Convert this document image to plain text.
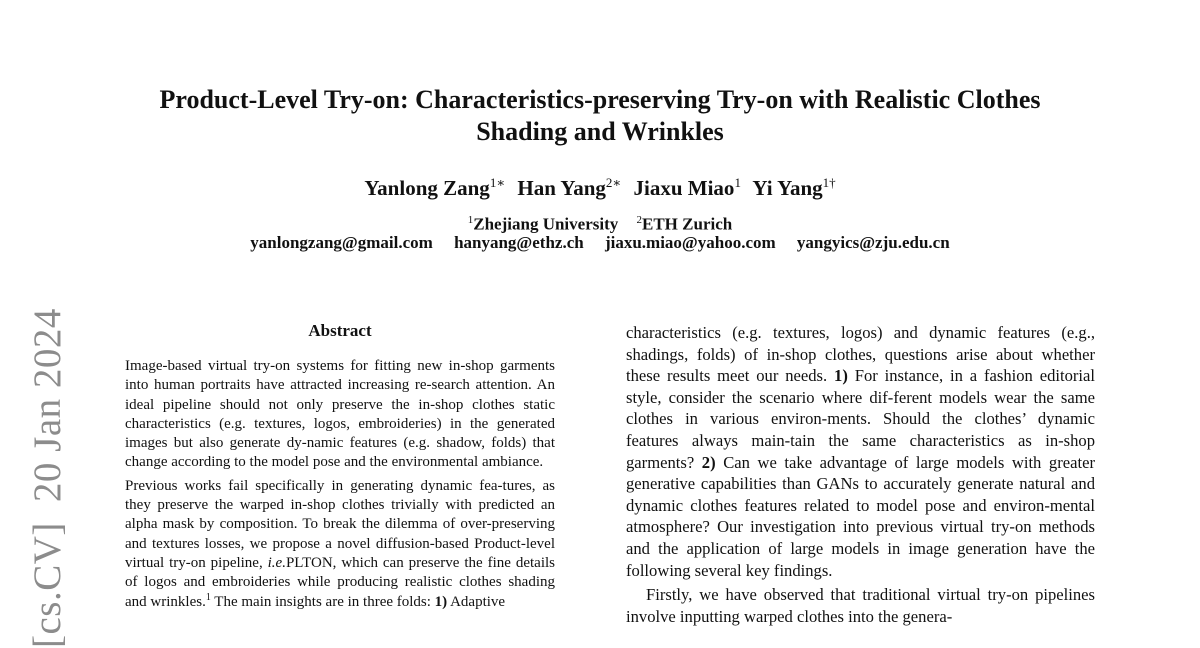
Product-Level Try-on: Characteristics-preserving Try-on with Realistic Clothes
Shading and Wrinkles
Yanlong Zang$^{1∗}$ Han Yang$^{2∗}$ Jiaxu Miao$^1$ Yi Yang$^{1\dagger}$
$^1$Zhejiang University $^2$ETH Zurich
yanlongzang@gmail.com hanyang@ethz.ch jiaxu.miao@yahoo.com yangyics@zju.edu.cn
[cs.CV]20 Jan 2024	Abstract

Image-based virtual try-on systems for fitting new in-shop garments into human portraits have attracted increasing re-search attention. An ideal pipeline should not only preserve the in-shop clothes static characteristics (e.g. textures, logos, embroideries) in the generated images but also generate dy-namic features (e.g. shadow, folds) that change according to the model pose and the environmental ambiance.

Previous works fail specifically in generating dynamic fea-tures, as they preserve the warped in-shop clothes trivially with predicted an alpha mask by composition. To break the dilemma of over-preserving and textures losses, we propose a novel diffusion-based Product-level virtual try-on pipeline, i.e.PLTON, which can preserve the fine details of logos and embroideries while producing realistic clothes shading and wrinkles.$^1$ The main insights are in three folds: 1) Adaptive

characteristics (e.g. textures, logos) and dynamic features (e.g., shadings, folds) of in-shop clothes, questions arise about whether these results meet our needs. 1) For instance, in a fashion editorial style, consider the scenario where dif-ferent models wear the same clothes in various environ-ments. Should the clothes’ dynamic features always main-tain the same characteristics as in-shop garments? 2) Can we take advantage of large models with greater generative capabilities than GANs to accurately generate natural and dynamic clothes features related to model pose and environ-mental atmosphere? Our investigation into previous virtual try-on methods and the application of large models in image generation have the following several key findings.

Firstly, we have observed that traditional virtual try-on pipelines involve inputting warped clothes into the genera-
